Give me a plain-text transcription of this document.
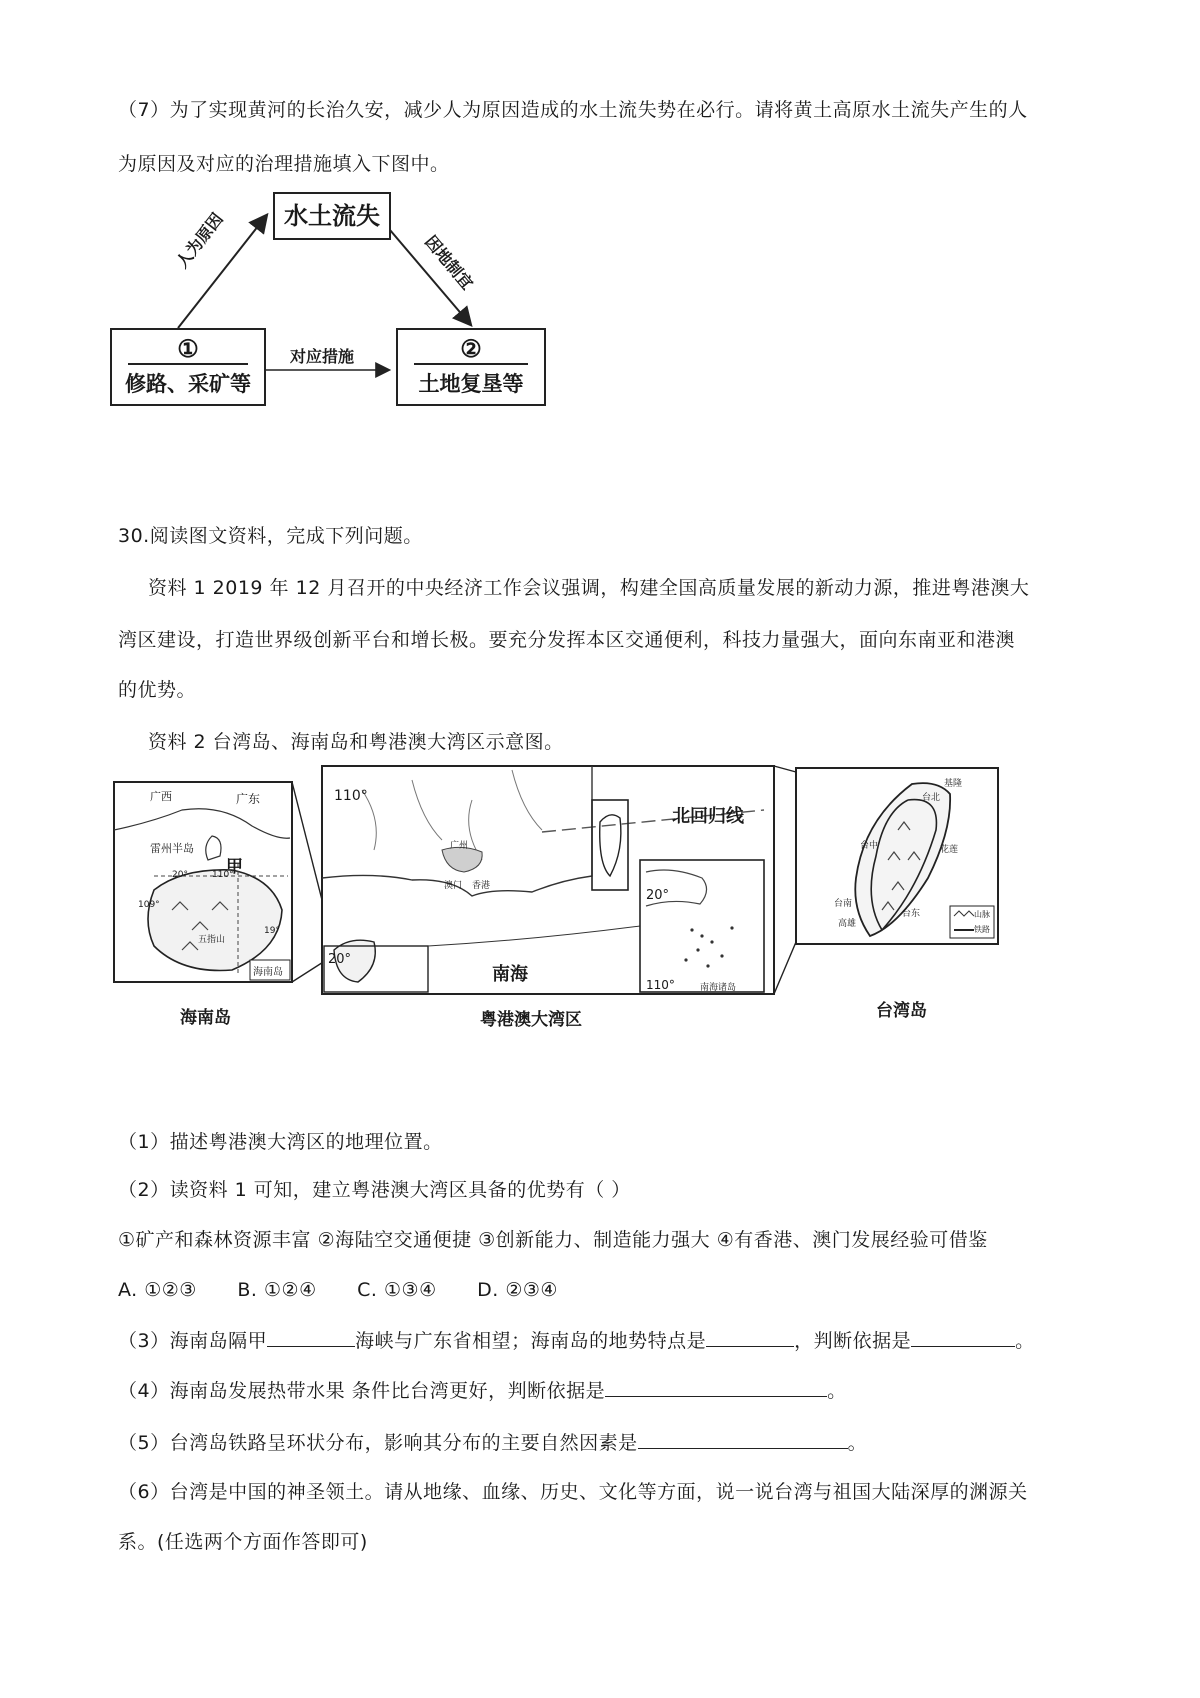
（7）为了实现黄河的长治久安，减少人为原因造成的水土流失势在必行。请将黄土高原水土流失产生的人
为原因及对应的治理措施填入下图中。
水土流失
①
修路、采矿等
②
土地复垦等
人为原因	因地制宜
对应措施
30.阅读图文资料，完成下列问题。
资料 1 2019 年 12 月召开的中央经济工作会议强调，构建全国高质量发展的新动力源，推进粤港澳大
湾区建设，打造世界级创新平台和增长极。要充分发挥本区交通便利，科技力量强大，面向东南亚和港澳
的优势。
资料 2 台湾岛、海南岛和粤港澳大湾区示意图。
广西	广东
雷州半岛
甲
20°	110°
109°
19°
五指山
海南岛
海南岛
110°
广州
澳门 香港
20°
南海
北回归线
20°
110°	南海诸岛
粤港澳大湾区
基隆
台北
台中	花莲
台南
高雄
台东	山脉
铁路
台湾岛
（1）描述粤港澳大湾区的地理位置。
（2）读资料 1 可知，建立粤港澳大湾区具备的优势有（ ）
①矿产和森林资源丰富 ②海陆空交通便捷 ③创新能力、制造能力强大 ④有香港、澳门发展经验可借鉴
A. ①②③ B. ①②④ C. ①③④ D. ②③④
（3）海南岛隔甲	海峡与广东省相望；海南岛的地势特点是	，判断依据是	。
（4）海南岛发展热带水果 条件比台湾更好，判断依据是	。
（5）台湾岛铁路呈环状分布，影响其分布的主要自然因素是	。
（6）台湾是中国的神圣领土。请从地缘、血缘、历史、文化等方面，说一说台湾与祖国大陆深厚的渊源关
系。(任选两个方面作答即可)
